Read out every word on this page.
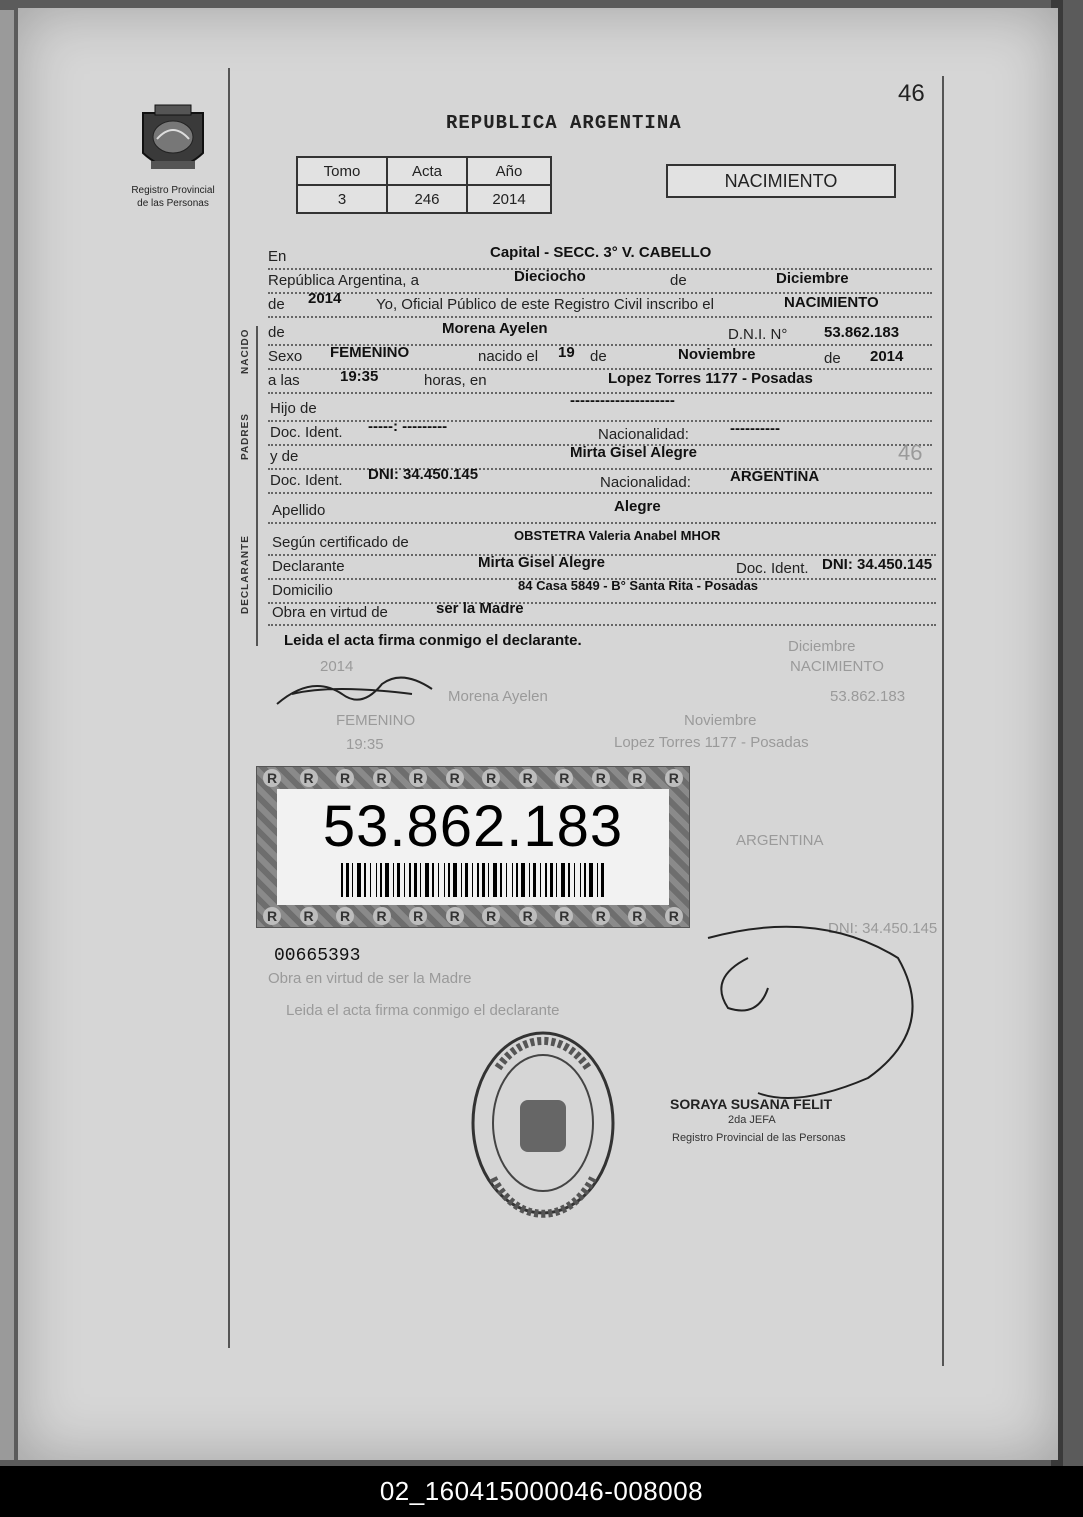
46
Registro Provincial
de las Personas
REPUBLICA ARGENTINA
Tomo	Acta	Año
3	246	2014
NACIMIENTO
En	Capital - SECC. 3° V. CABELLO
República Argentina, a	Dieciocho	de	Diciembre
de 2014 Yo, Oficial Público de este Registro Civil inscribo el	NACIMIENTO
de	Morena Ayelen	D.N.I. N° 53.862.183
Sexo FEMENINO	nacido el 19 de	Noviembre	de 2014
a las	19:35	horas, en	Lopez Torres 1177 - Posadas
Hijo de	---------------------
Doc. Ident. -----: ---------	Nacionalidad:	----------
y de	Mirta Gisel Alegre	46
Doc. Ident. DNI: 34.450.145	Nacionalidad:	ARGENTINA
Apellido	Alegre
Según certificado de	OBSTETRA Valeria Anabel MHOR
Declarante	Mirta Gisel Alegre	Doc. Ident. DNI: 34.450.145
Domicilio	84 Casa 5849 - B° Santa Rita - Posadas
Obra en virtud de	ser la Madre
Leida el acta firma conmigo el declarante.
NACIDO
PADRES
DECLARANTE
Morena Ayelen
Diciembre
NACIMIENTO
2014
53.862.183
FEMENINO	Noviembre
19:35	Lopez Torres 1177 - Posadas
ARGENTINA
DNI: 34.450.145
Obra en virtud de ser la Madre
Leida el acta firma conmigo el declarante
R R R R R R R R R R R R
53.862.183
R R R R R R R R R R R R
00665393
SORAYA SUSANA FELIT
2da JEFA
Registro Provincial de las Personas
02_160415000046-008008
